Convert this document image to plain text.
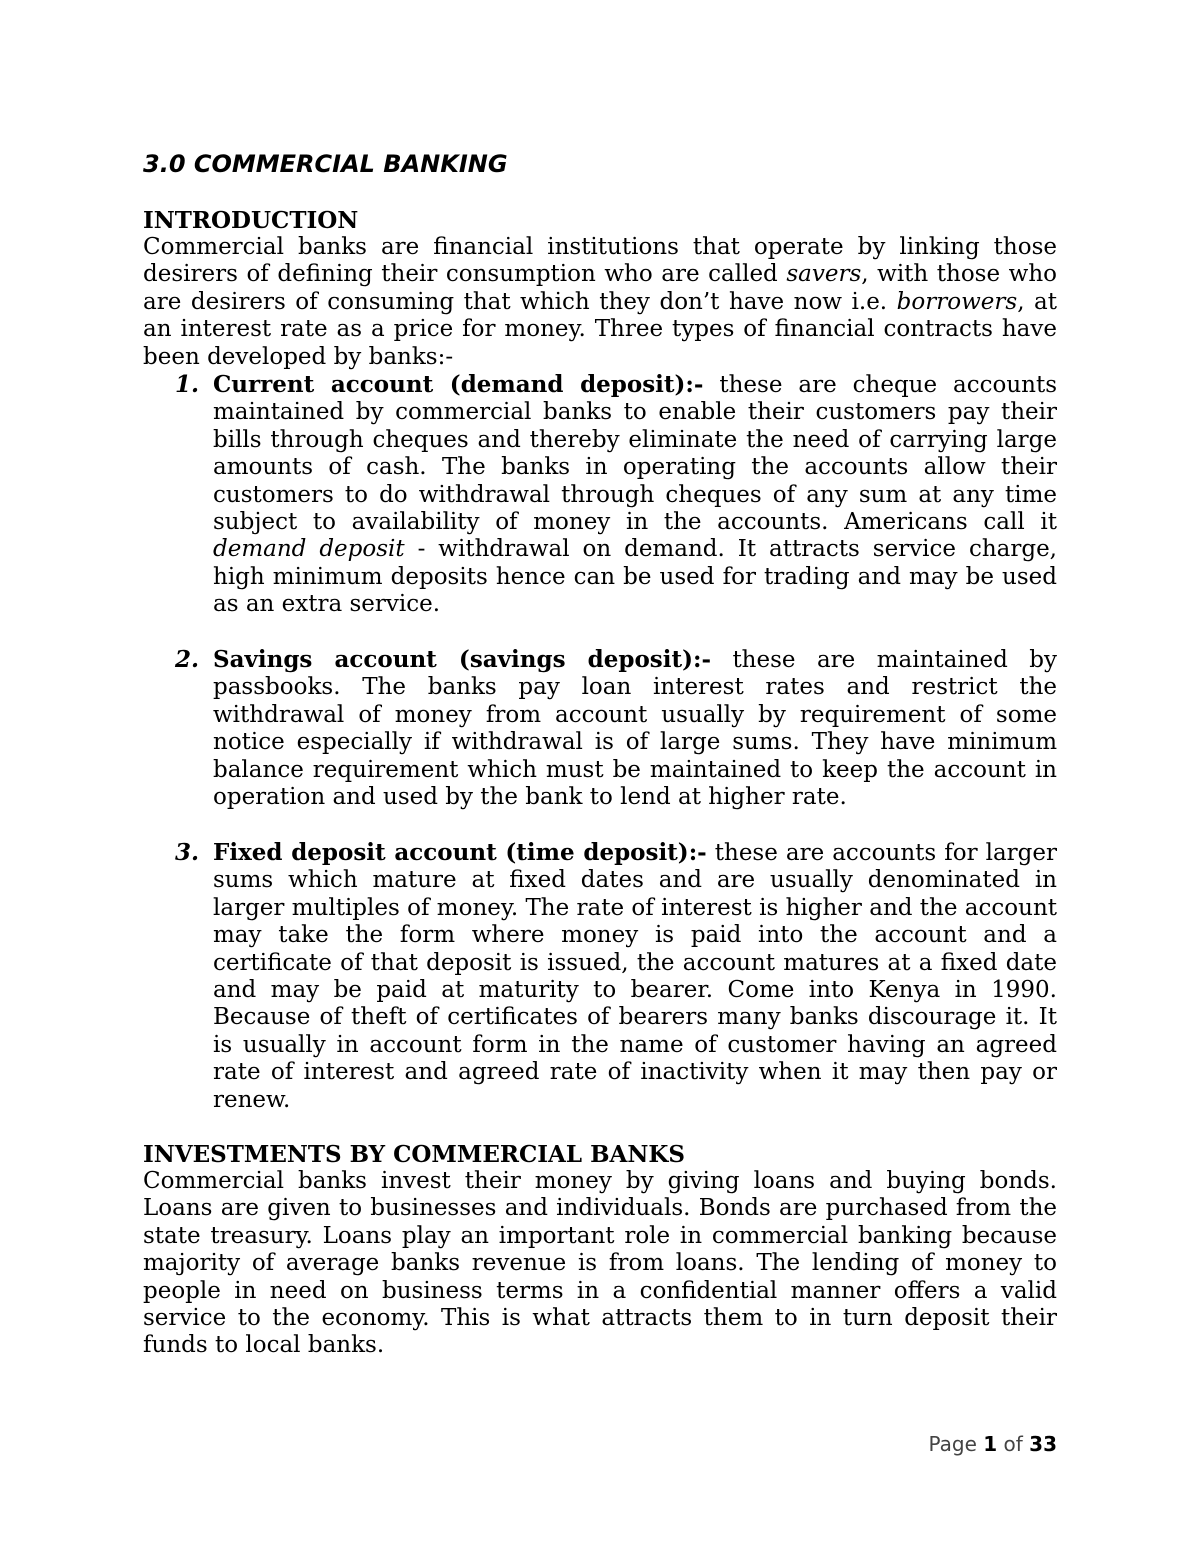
3.0 COMMERCIAL BANKING
INTRODUCTION

Commercial banks are financial institutions that operate by linking those desirers of defining their consumption who are called savers, with those who are desirers of consuming that which they don’t have now i.e. borrowers, at an interest rate as a price for money. Three types of financial contracts have been developed by banks:-

1. Current account (demand deposit):- these are cheque accounts maintained by commercial banks to enable their customers pay their bills through cheques and thereby eliminate the need of carrying large amounts of cash. The banks in operating the accounts allow their customers to do withdrawal through cheques of any sum at any time subject to availability of money in the accounts. Americans call it demand deposit - withdrawal on demand. It attracts service charge, high minimum deposits hence can be used for trading and may be used as an extra service.
2. Savings account (savings deposit):- these are maintained by passbooks. The banks pay loan interest rates and restrict the withdrawal of money from account usually by requirement of some notice especially if withdrawal is of large sums. They have minimum balance requirement which must be maintained to keep the account in operation and used by the bank to lend at higher rate.
3. Fixed deposit account (time deposit):- these are accounts for larger sums which mature at fixed dates and are usually denominated in larger multiples of money. The rate of interest is higher and the account may take the form where money is paid into the account and a certificate of that deposit is issued, the account matures at a fixed date and may be paid at maturity to bearer. Come into Kenya in 1990. Because of theft of certificates of bearers many banks discourage it. It is usually in account form in the name of customer having an agreed rate of interest and agreed rate of inactivity when it may then pay or renew.
INVESTMENTS BY COMMERCIAL BANKS

Commercial banks invest their money by giving loans and buying bonds. Loans are given to businesses and individuals. Bonds are purchased from the state treasury. Loans play an important role in commercial banking because majority of average banks revenue is from loans. The lending of money to people in need on business terms in a confidential manner offers a valid service to the economy. This is what attracts them to in turn deposit their funds to local banks.

Page 1 of 33
